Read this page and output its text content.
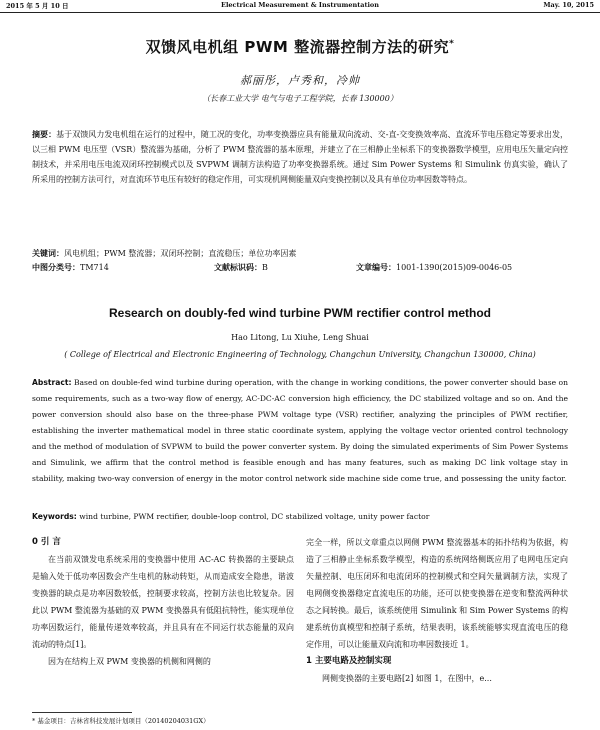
2015 年 5 月 10 日	Electrical Measurement & Instrumentation	May. 10, 2015
双馈风电机组 PWM 整流器控制方法的研究*
郝丽彤，卢秀和，冷帅
（长春工业大学 电气与电子工程学院，长春 130000）
摘要：基于双馈风力发电机组在运行的过程中，随工况的变化，功率变换器应具有能量双向流动、交-直-交变换效率高、直流环节电压稳定等要求出发，以三相 PWM 电压型（VSR）整流器为基础，分析了 PWM 整流器的基本原理，并建立了在三相静止坐标系下的变换器数学模型，应用电压矢量定向控制技术，并采用电压电流双闭环控制模式以及 SVPWM 调制方法构造了功率变换器系统。通过 Sim Power Systems 和 Simulink 仿真实验，确认了所采用的控制方法可行，对直流环节电压有较好的稳定作用，可实现机网侧能量双向变换控制以及具有单位功率因数等特点。
关键词：风电机组；PWM 整流器；双闭环控制；直流稳压；单位功率因素
中图分类号：TM714	文献标识码：B	文章编号：1001-1390(2015)09-0046-05
Research on doubly-fed wind turbine PWM rectifier control method
Hao Litong, Lu Xiuhe, Leng Shuai
( College of Electrical and Electronic Engineering of Technology, Changchun University, Changchun 130000, China)
Abstract: Based on double-fed wind turbine during operation, with the change in working conditions, the power converter should base on some requirements, such as a two-way flow of energy, AC-DC-AC conversion high efficiency, the DC stabilized voltage and so on. And the power conversion should also base on the three-phase PWM voltage type (VSR) rectifier, analyzing the principles of PWM rectifier, establishing the inverter mathematical model in three static coordinate system, applying the voltage vector oriented control technology and the method of modulation of SVPWM to build the power converter system. By doing the simulated experiments of Sim Power Systems and Simulink, we affirm that the control method is feasible enough and has many features, such as making DC link voltage stay in stability, making two-way conversion of energy in the motor control network side machine side come true, and possessing the unity factor.
Keywords: wind turbine, PWM rectifier, double-loop control, DC stabilized voltage, unity power factor
0 引 言
在当前双馈发电系统采用的变换器中使用 AC-AC 转换器的主要缺点是输入处于低功率因数会产生电机的脉动转矩，从而造成安全隐患，谐波变换器的缺点是功率因数较低，控制要求较高，控制方法也比较复杂。因此以 PWM 整流器为基础的双 PWM 变换器具有低阻抗特性，能实现单位功率因数运行，能量传递效率较高，并且具有在不同运行状态能量的双向流动的特点[1]。
因为在结构上双 PWM 变换器的机侧和网侧的
完全一样，所以文章重点以网侧 PWM 整流器基本的拓扑结构为依据，构造了三相静止坐标系数学模型，构造的系统网络侧既应用了电网电压定向矢量控制、电压闭环和电流闭环的控制模式和空间矢量调制方法，实现了电网侧变换器稳定直流电压的功能，还可以使变换器在逆变和整流两种状态之间转换。最后，该系统使用 Simulink 和 Sim Power Systems 的构建系统仿真模型和控制子系统，结果表明，该系统能够实现直流电压的稳定作用，可以让能量双向流和功率因数接近 1。
1 主要电路及控制实现
网侧变换器的主要电路[2] 如图 1，在图中，e...
* 基金项目：吉林省科技发展计划项目（20140204031GX）
